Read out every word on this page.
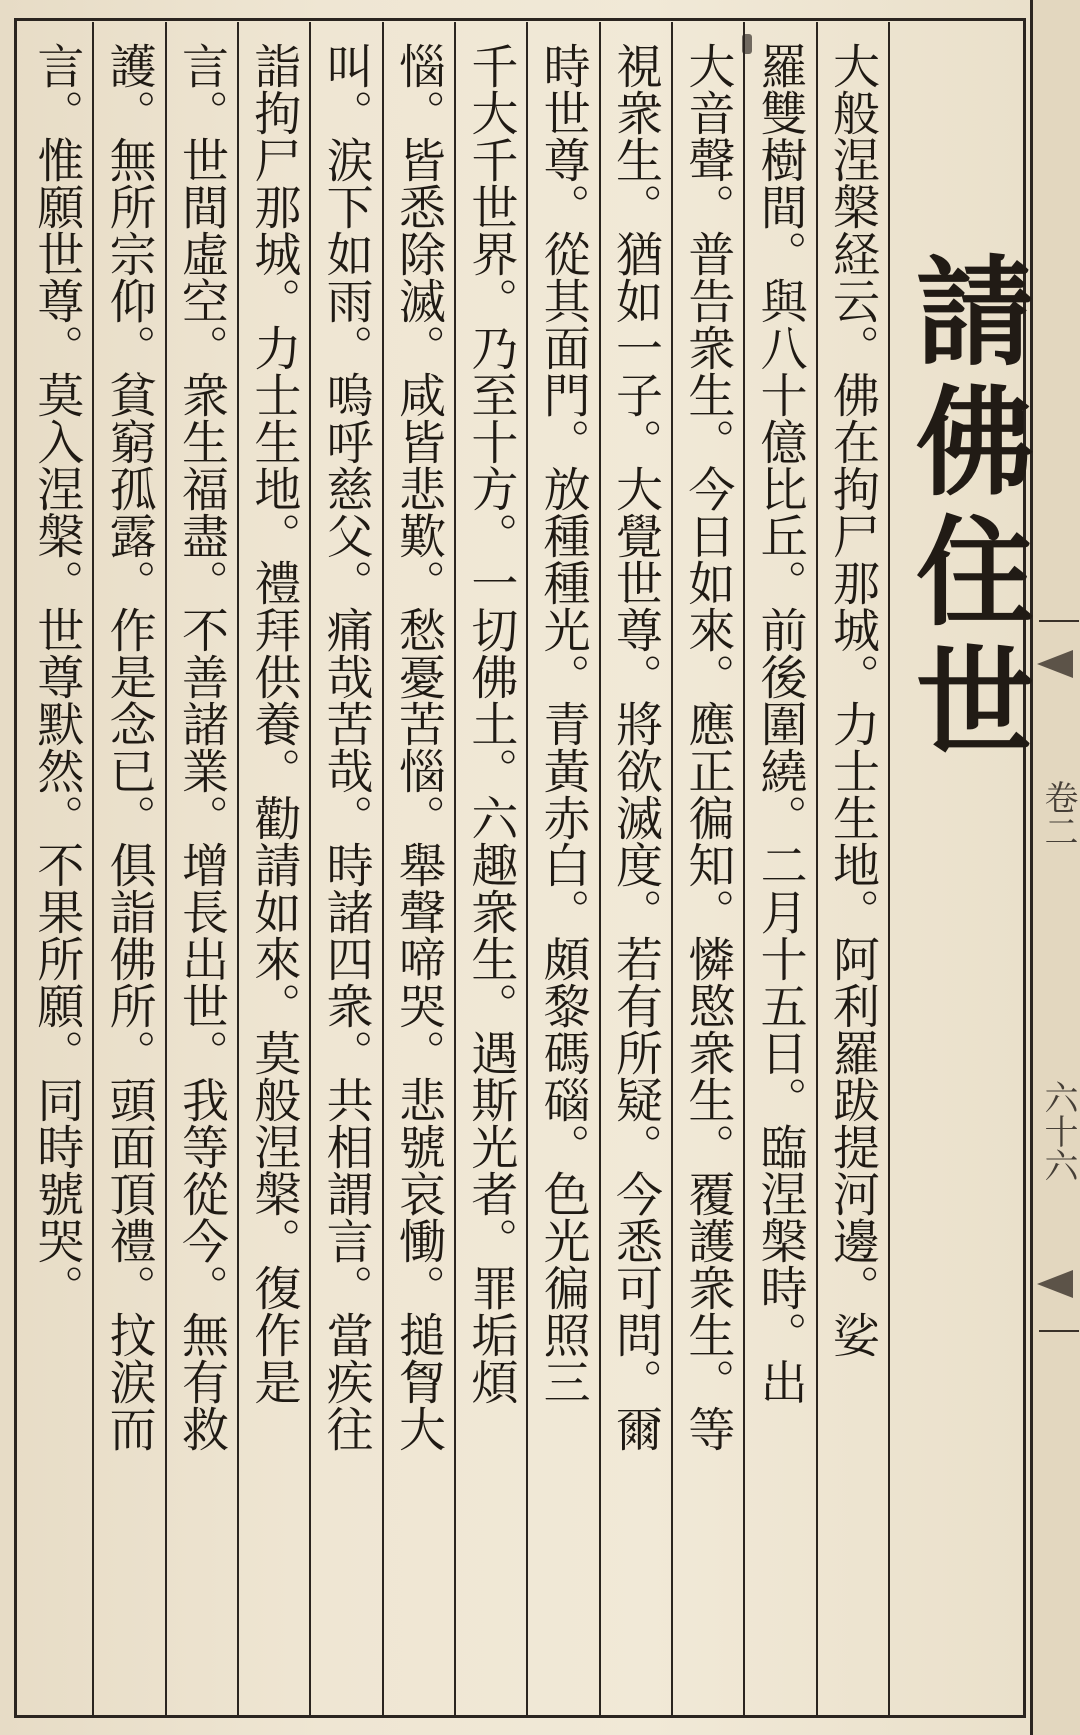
卷二
六十六
請佛住世
大般涅槃経云。佛在拘尸那城。力士生地。阿利羅跋提河邊。娑
羅雙樹間。與八十億比丘。前後圍繞。二月十五日。臨涅槃時。出
大音聲。普告衆生。今日如來。應正徧知。憐愍衆生。覆護衆生。等
視衆生。猶如一子。大覺世尊。將欲滅度。若有所疑。今悉可問。爾
時世尊。從其面門。放種種光。青黃赤白。頗黎碼碯。色光徧照三
千大千世界。乃至十方。一切佛土。六趣衆生。遇斯光者。罪垢煩
惱。皆悉除滅。咸皆悲歎。愁憂苦惱。舉聲啼哭。悲號哀慟。搥胷大
叫。涙下如雨。嗚呼慈父。痛哉苦哉。時諸四衆。共相謂言。當疾往
詣拘尸那城。力士生地。禮拜供養。勸請如來。莫般涅槃。復作是
言。世間虛空。衆生福盡。不善諸業。增長出世。我等從今。無有救
護。無所宗仰。貧窮孤露。作是念已。俱詣佛所。頭面頂禮。抆涙而
言。惟願世尊。莫入涅槃。世尊默然。不果所願。同時號哭。
